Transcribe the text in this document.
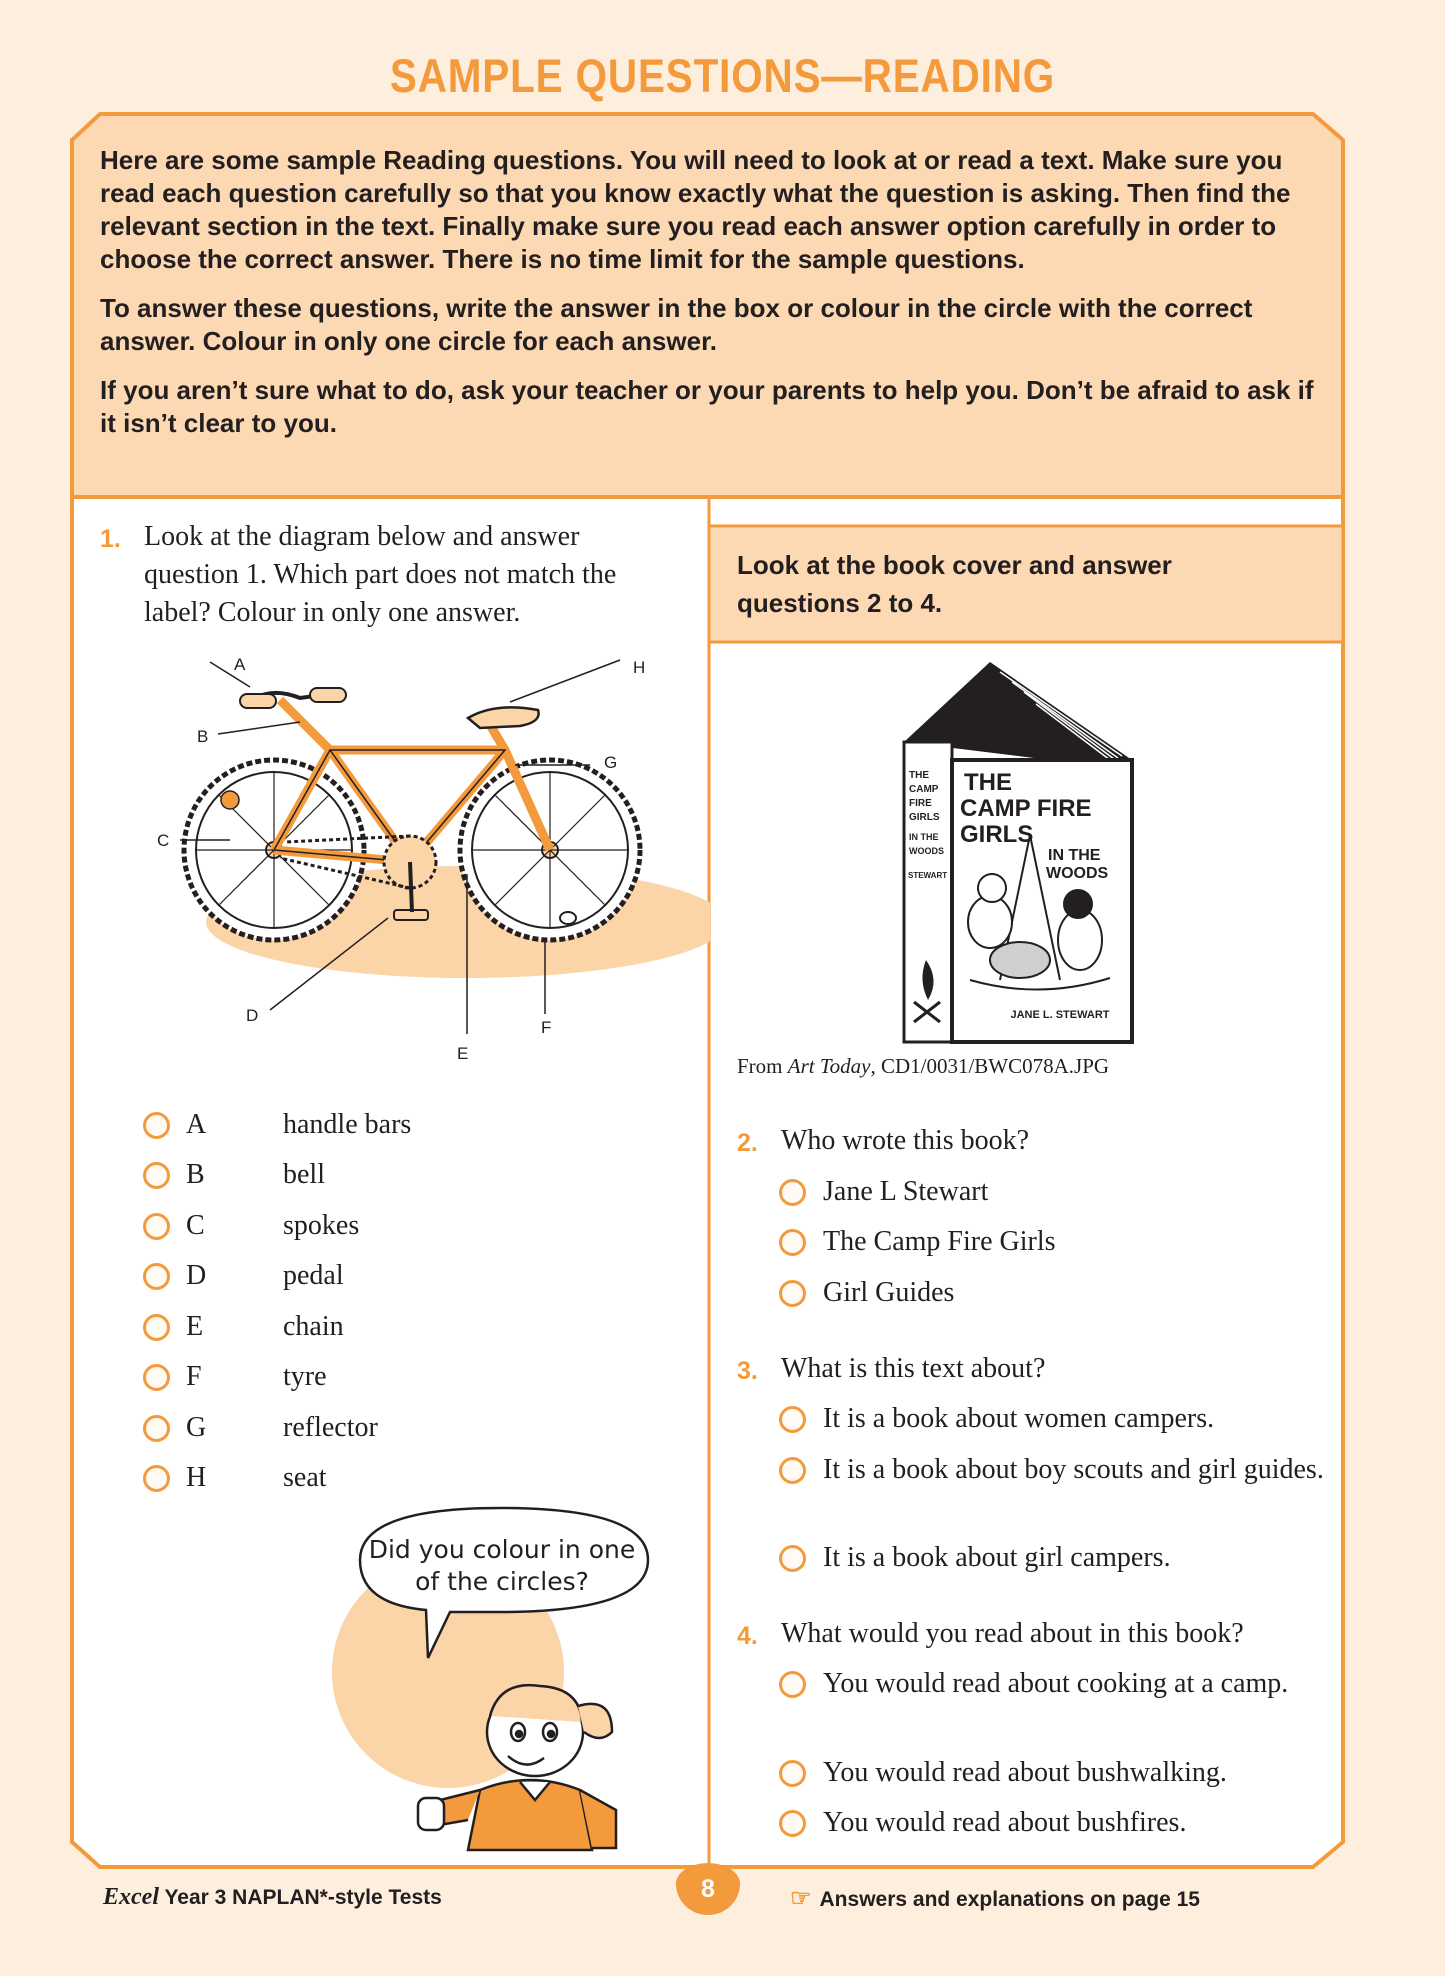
SAMPLE QUESTIONS—READING

Here are some sample Reading questions. You will need to look at or read a text. Make sure you read each question carefully so that you know exactly what the question is asking. Then find the relevant section in the text. Finally make sure you read each answer option carefully in order to choose the correct answer. There is no time limit for the sample questions.

To answer these questions, write the answer in the box or colour in the circle with the correct answer. Colour in only one circle for each answer.

If you aren’t sure what to do, ask your teacher or your parents to help you. Don’t be afraid to ask if it isn’t clear to you.

1. Look at the diagram below and answer question 1. Which part does not match the label? Colour in only one answer.
A
B
C
D
E
F
G
H
A	handle bars
B	bell
C	spokes
D	pedal
E	chain
F	tyre
G	reflector
H	seat
Did you colour in one
of the circles?
Look at the book cover and answer
questions 2 to 4.
JANE L. STEWART
THE
CAMP FIRE
GIRLS
IN THE
WOODS
THE
CAMP
FIRE
GIRLS
IN THE
WOODS
STEWART
From Art Today, CD1/0031/BWC078A.JPG
2. Who wrote this book?
Jane L Stewart
The Camp Fire Girls
Girl Guides
3. What is this text about?
It is a book about women campers.
It is a book about boy scouts and girl guides.
It is a book about girl campers.
4. What would you read about in this book?
You would read about cooking at a camp.
You would read about bushwalking.
You would read about bushfires.
Excel Year 3 NAPLAN*-style Tests	8	☞ Answers and explanations on page 15
